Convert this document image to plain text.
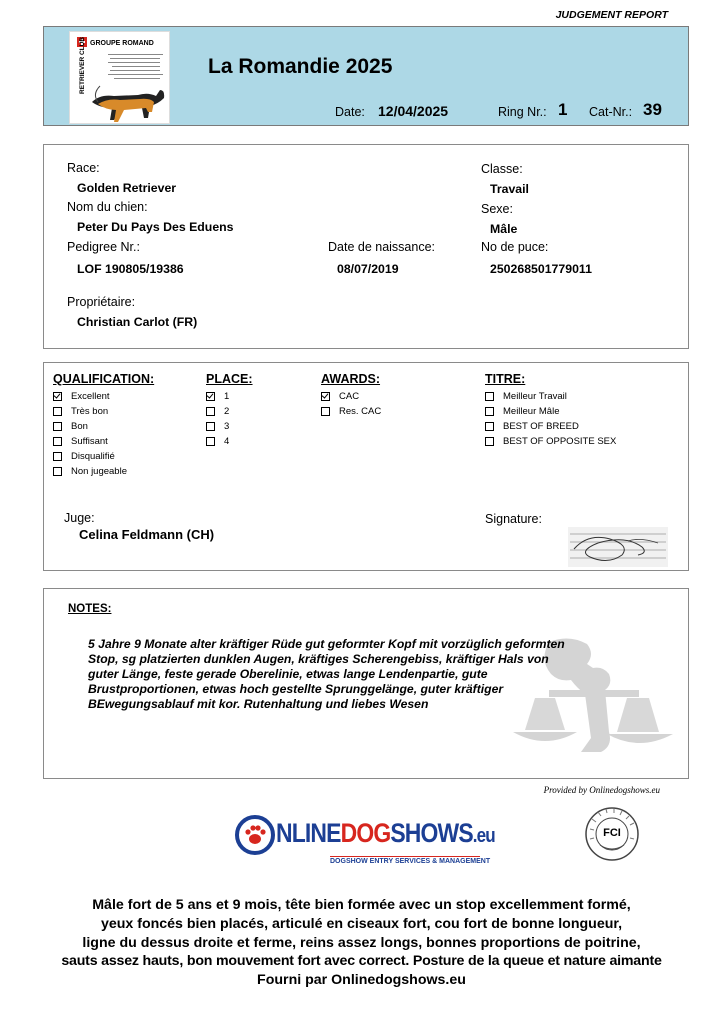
JUDGEMENT REPORT
GROUPE ROMAND
RETRIEVER CLUB	La Romandie 2025
Date: 12/04/2025	Ring Nr.: 1 Cat-Nr.: 39
Race:
Golden Retriever
Nom du chien:
Peter Du Pays Des Eduens
Pedigree Nr.:
LOF 190805/19386
Propriétaire:
Christian Carlot (FR)
Date de naissance:
08/07/2019
Classe:
Travail
Sexe:
Mâle
No de puce:
250268501779011
QUALIFICATION:
Excellent
Très bon
Bon
Suffisant
Disqualifié
Non jugeable
PLACE:
1
2
3
4
AWARDS:
CAC
Res. CAC
TITRE:
Meilleur Travail
Meilleur Mâle
BEST OF BREED
BEST OF OPPOSITE SEX
Juge:
Celina Feldmann (CH)
Signature:
NOTES:
5 Jahre 9 Monate alter kräftiger Rüde gut geformter Kopf mit vorzüglich geformten
Stop, sg platzierten dunklen Augen, kräftiges Scherengebiss, kräftiger Hals von
guter Länge, feste gerade Oberelinie, etwas lange Lendenpartie, gute
Brustproportionen, etwas hoch gestellte Sprunggelänge, guter kräftiger
BEwegungsablauf mit kor. Rutenhaltung und liebes Wesen
Provided by Onlinedogshows.eu
NLINEDOGSHOWS.eu
DOGSHOW ENTRY SERVICES & MANAGEMENT
FCI
Mâle fort de 5 ans et 9 mois, tête bien formée avec un stop excellemment formé,
yeux foncés bien placés, articulé en ciseaux fort, cou fort de bonne longueur,
ligne du dessus droite et ferme, reins assez longs, bonnes proportions de poitrine,
sauts assez hauts, bon mouvement fort avec correct. Posture de la queue et nature aimante
Fourni par Onlinedogshows.eu
